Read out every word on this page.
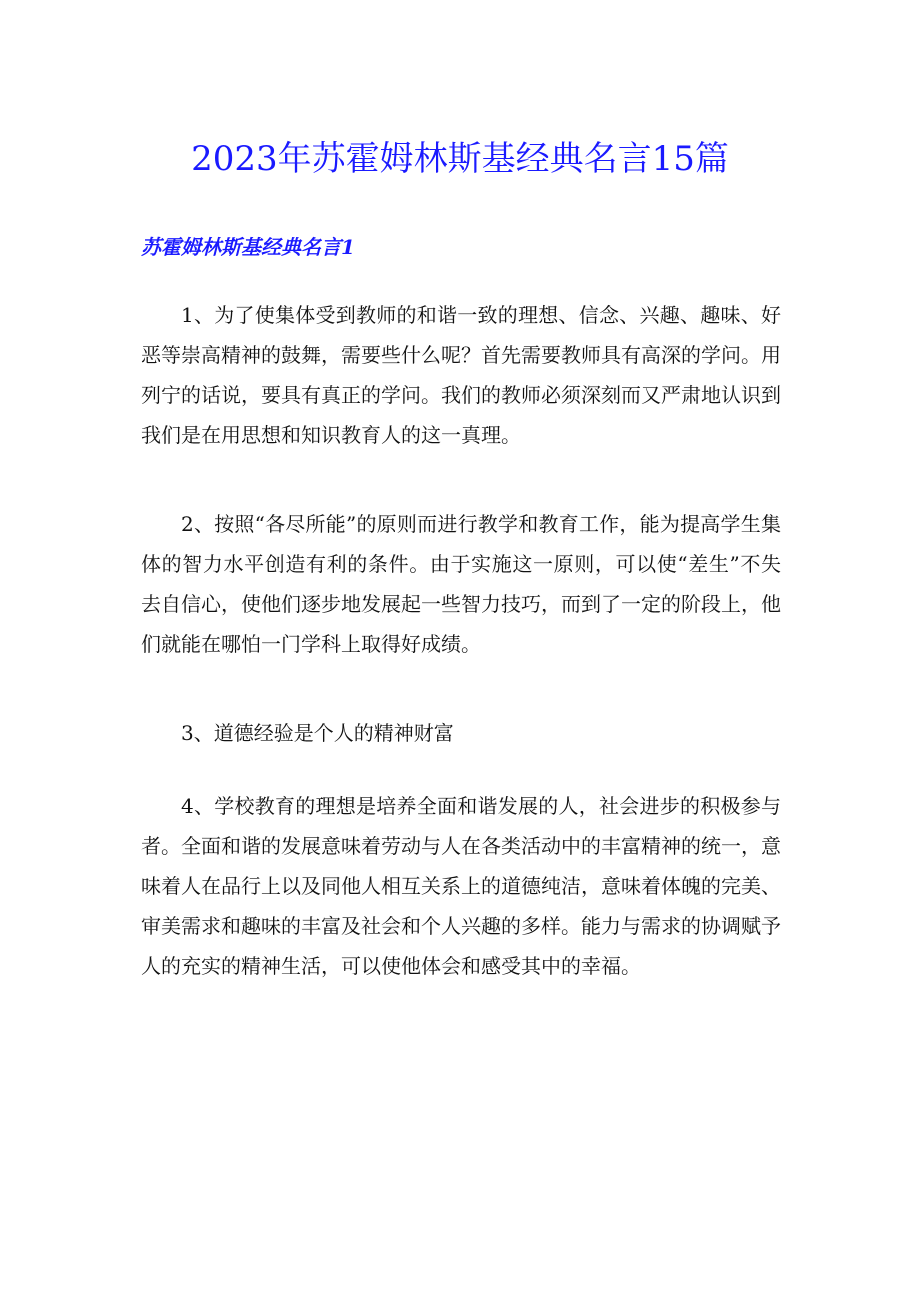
2023年苏霍姆林斯基经典名言15篇
苏霍姆林斯基经典名言1

1、为了使集体受到教师的和谐一致的理想、信念、兴趣、趣味、好恶等崇高精神的鼓舞，需要些什么呢？首先需要教师具有高深的学问。用列宁的话说，要具有真正的学问。我们的教师必须深刻而又严肃地认识到我们是在用思想和知识教育人的这一真理。

2、按照“各尽所能”的原则而进行教学和教育工作，能为提高学生集体的智力水平创造有利的条件。由于实施这一原则，可以使“差生”不失去自信心，使他们逐步地发展起一些智力技巧，而到了一定的阶段上，他们就能在哪怕一门学科上取得好成绩。

3、道德经验是个人的精神财富

4、学校教育的理想是培养全面和谐发展的人，社会进步的积极参与者。全面和谐的发展意味着劳动与人在各类活动中的丰富精神的统一，意味着人在品行上以及同他人相互关系上的道德纯洁，意味着体魄的完美、审美需求和趣味的丰富及社会和个人兴趣的多样。能力与需求的协调赋予人的充实的精神生活，可以使他体会和感受其中的幸福。
